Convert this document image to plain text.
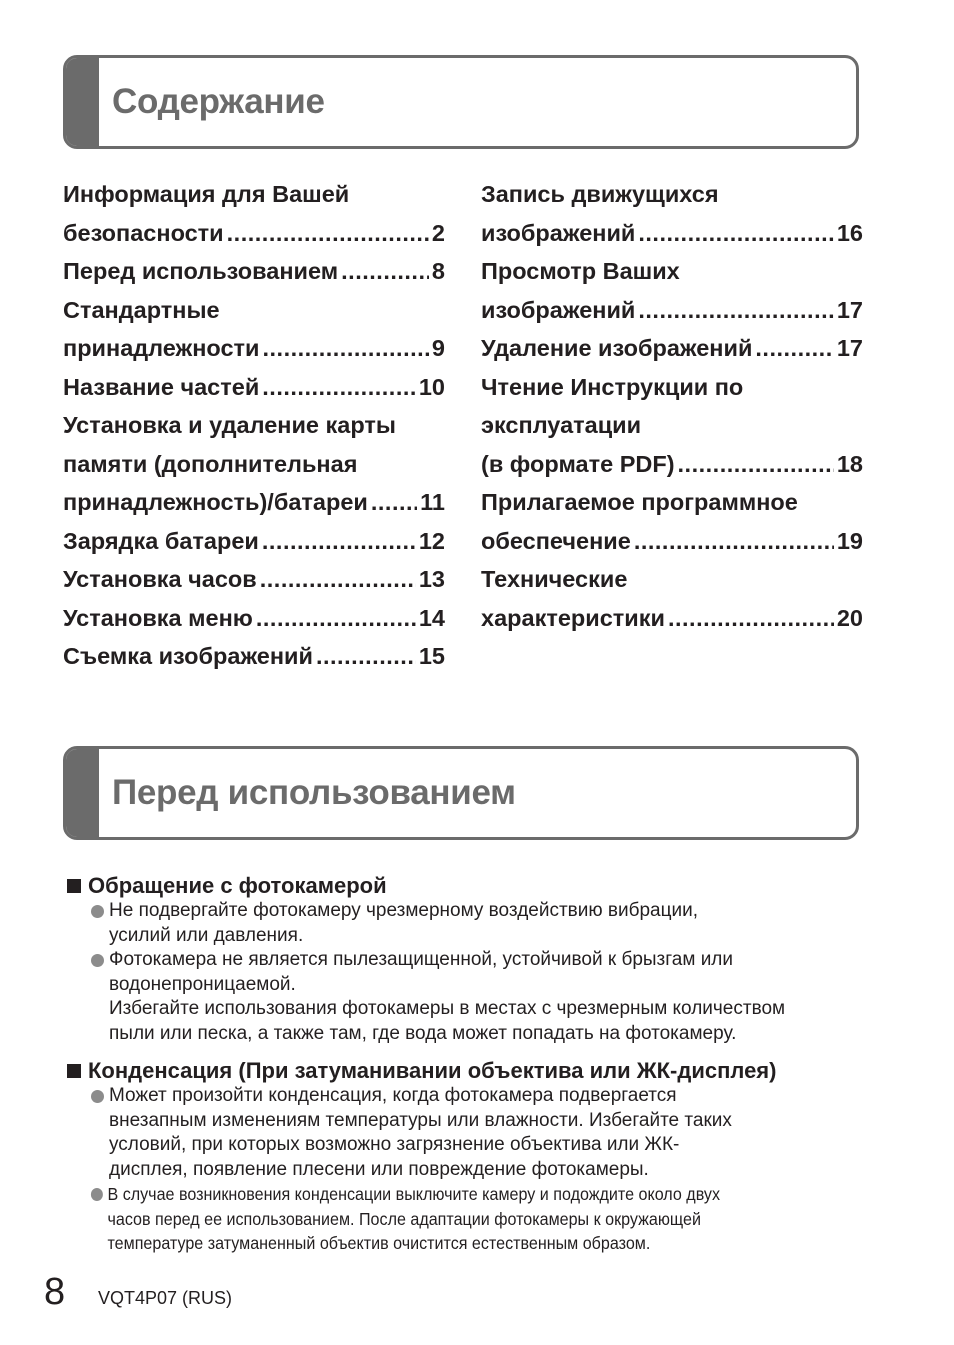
Содержание
Информация для Вашей
безопасности .....	2
Перед использованием .....	8
Стандартные
принадлежности .....	9
Название частей .....	10
Установка и удаление карты
памяти (дополнительная
принадлежность)/батареи ..... 11
Зарядка батареи .....	12
Установка часов .....	13
Установка меню .....	14
Съемка изображений .....	15
Запись движущихся
изображений .....	16
Просмотр Ваших
изображений .....	17
Удаление изображений .....	17
Чтение Инструкции по
эксплуатации
(в формате PDF) .....	18
Прилагаемое программное
обеспечение .....	19
Технические
характеристики .....	20
Перед использованием
Обращение с фотокамерой

Не подвергайте фотокамеру чрезмерному воздействию вибрации,

усилий или давления.

Фотокамера не является пылезащищенной, устойчивой к брызгам или

водонепроницаемой.

Избегайте использования фотокамеры в местах с чрезмерным количеством

пыли или песка, а также там, где вода может попадать на фотокамеру.

Конденсация (При затуманивании объектива или ЖК-дисплея)

Может произойти конденсация, когда фотокамера подвергается

внезапным изменениям температуры или влажности. Избегайте таких

условий, при которых возможно загрязнение объектива или ЖК-

дисплея, появление плесени или повреждение фотокамеры.

В случае возникновения конденсации выключите камеру и подождите около двух

часов перед ее использованием. После адаптации фотокамеры к окружающей

температуре затуманенный объектив очистится естественным образом.

8 VQT4P07 (RUS)
